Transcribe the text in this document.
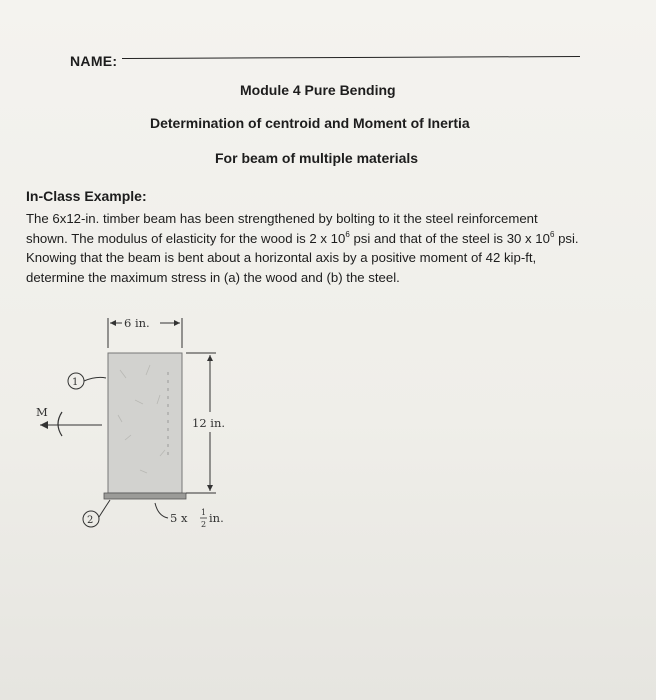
NAME:
Module 4 Pure Bending
Determination of centroid and Moment of Inertia
For beam of multiple materials
In-Class Example:
The 6x12-in. timber beam has been strengthened by bolting to it the steel reinforcement
shown. The modulus of elasticity for the wood is 2 x $10^6$ psi and that of the steel is 30 x $10^6$ psi.
Knowing that the beam is bent about a horizontal axis by a positive moment of 42 kip-ft,
determine the maximum stress in (a) the wood and (b) the steel.
6 in.
12 in.
1
M
2	5 x 1
2 in.
